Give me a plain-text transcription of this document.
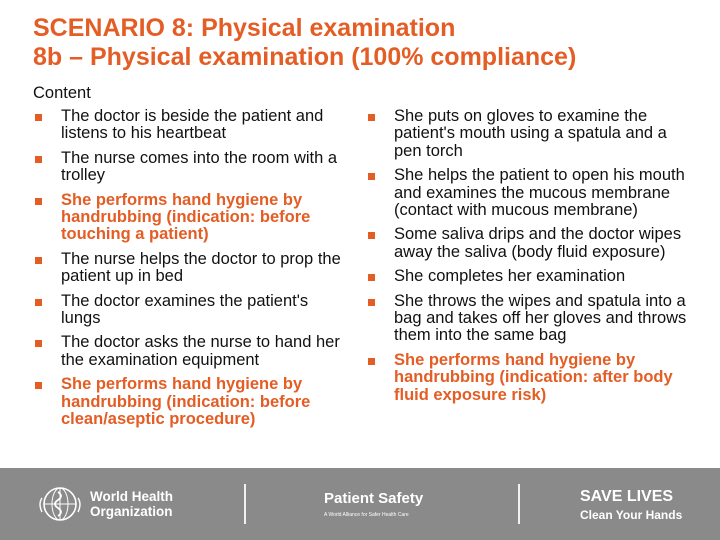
SCENARIO 8: Physical examination
8b – Physical examination (100% compliance)

Content

The doctor is beside the patient and listens to his heartbeat
The nurse comes into the room with a trolley
She performs hand hygiene by handrubbing (indication: before touching a patient)
The nurse helps the doctor to prop the patient up in bed
The doctor examines the patient's lungs
The doctor asks the nurse to hand her the examination equipment
She performs hand hygiene by handrubbing (indication: before clean/aseptic procedure)
She puts on gloves to examine the patient's mouth using a spatula and a pen torch
She helps the patient to open his mouth and examines the mucous membrane (contact with mucous membrane)
Some saliva drips and the doctor wipes away the saliva (body fluid exposure)
She completes her examination
She throws the wipes and spatula into a bag and takes off her gloves and throws them into the same bag
She performs hand hygiene by handrubbing (indication: after body fluid exposure risk)
World Health
Organization
Patient Safety
A World Alliance for Safer Health Care
SAVE LIVES
Clean Your Hands
